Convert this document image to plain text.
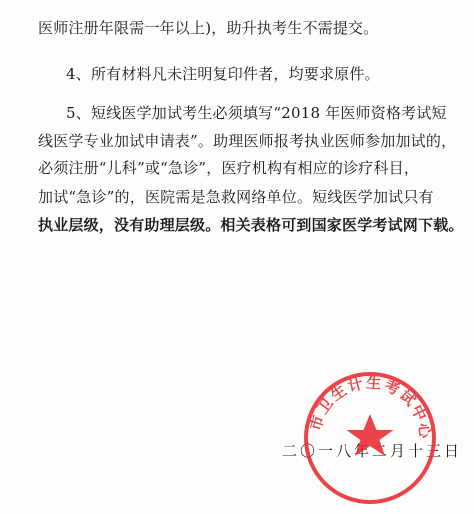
医师注册年限需一年以上)，助升执考生不需提交。
4、所有材料凡未注明复印件者，均要求原件。
5、短线医学加试考生必须填写“2018 年医师资格考试短
线医学专业加试申请表”。助理医师报考执业医师参加加试的，
必须注册“儿科”或“急诊”，医疗机构有相应的诊疗科目，
加试“急诊”的，医院需是急救网络单位。短线医学加试只有
执业层级，没有助理层级。相关表格可到国家医学考试网下载。
二〇一八年二月十三日
市卫生计生考试中心
